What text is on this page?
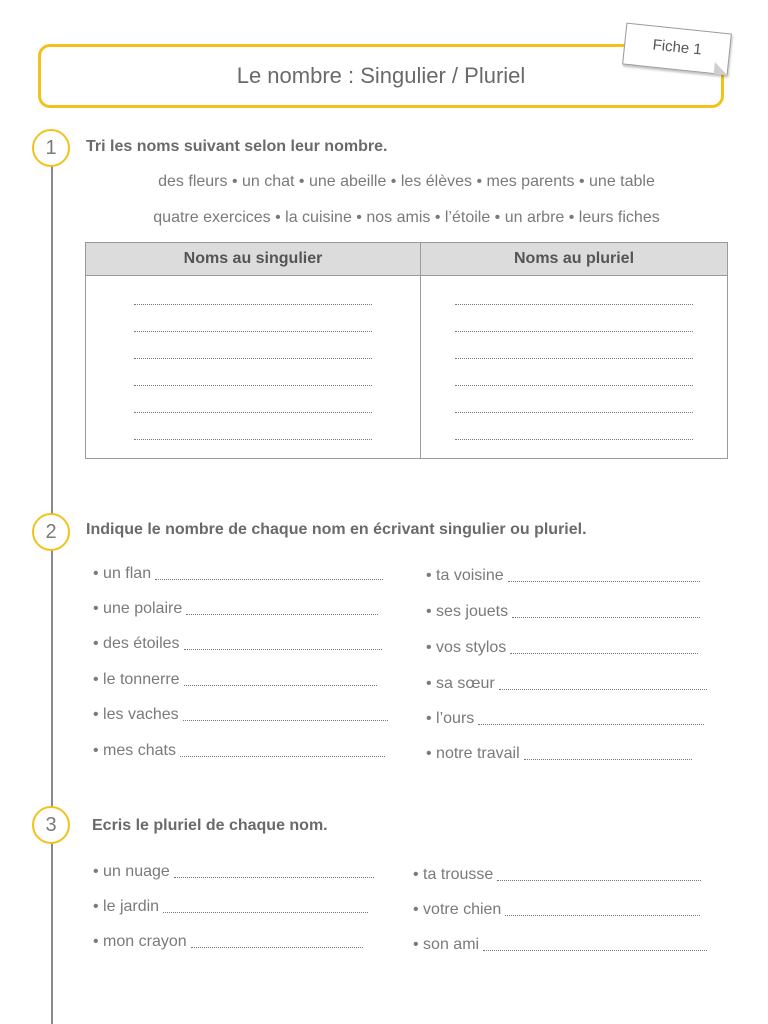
Le nombre : Singulier / Pluriel
Fiche 1
1	Tri les noms suivant selon leur nombre.
des fleurs • un chat • une abeille • les élèves • mes parents • une table
quatre exercices • la cuisine • nos amis • l’étoile • un arbre • leurs fiches
Noms au singulier	Noms au pluriel

2	Indique le nombre de chaque nom en écrivant singulier ou pluriel.
• un flan
• une polaire
• des étoiles
• le tonnerre
• les vaches
• mes chats
• ta voisine
• ses jouets
• vos stylos
• sa sœur
• l’ours
• notre travail
3	Ecris le pluriel de chaque nom.
• un nuage
• le jardin
• mon crayon
• ta trousse
• votre chien
• son ami
